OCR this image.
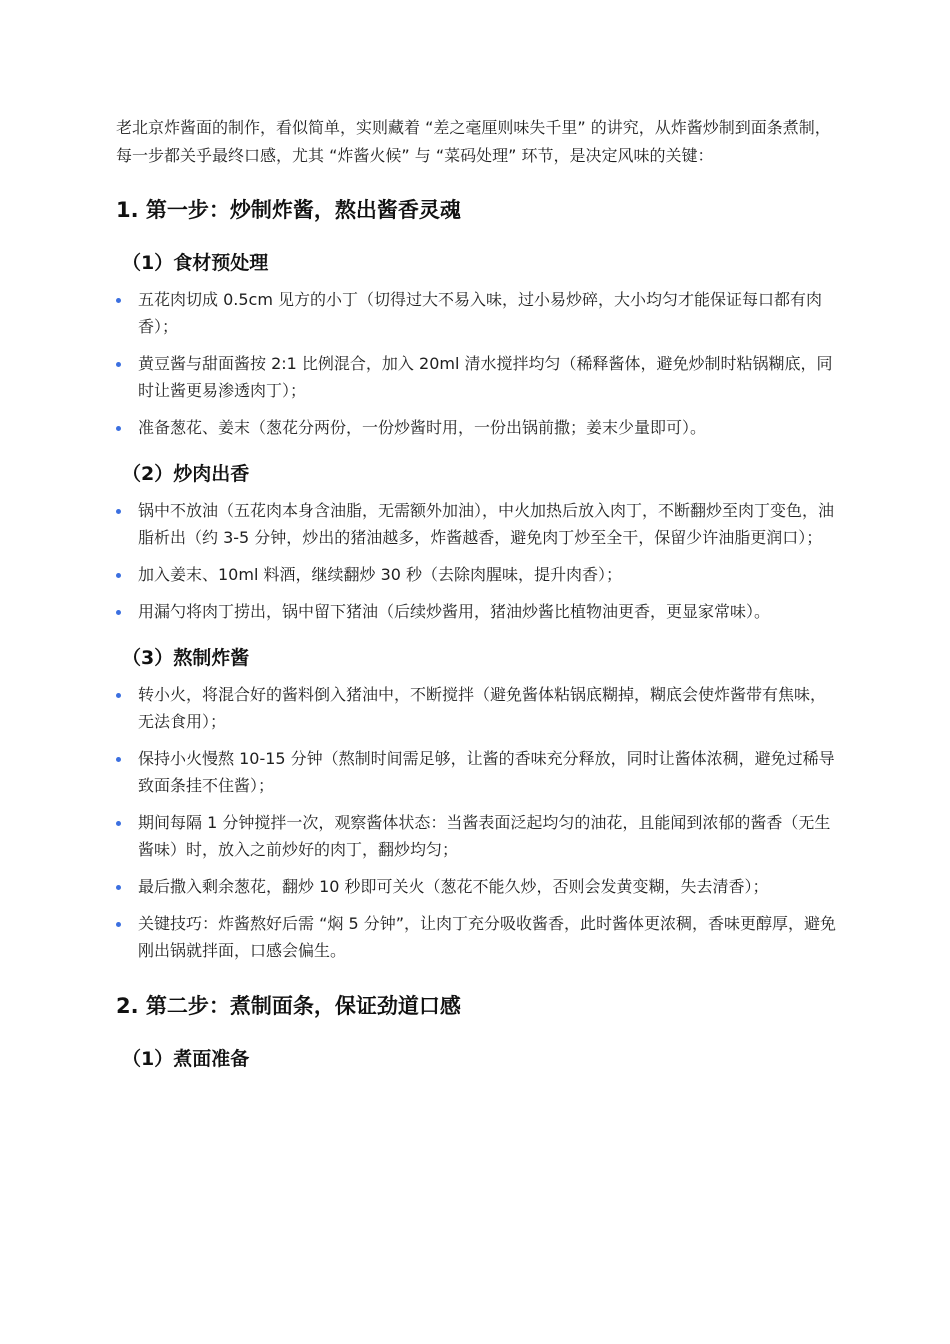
老北京炸酱面的制作，看似简单，实则藏着 “差之毫厘则味失千里” 的讲究，从炸酱炒制到面条煮制，每一步都关乎最终口感，尤其 “炸酱火候” 与 “菜码处理” 环节，是决定风味的关键：

1. 第一步：炒制炸酱，熬出酱香灵魂
（1）食材预处理
五花肉切成 0.5cm 见方的小丁（切得过大不易入味，过小易炒碎，大小均匀才能保证每口都有肉香）；
黄豆酱与甜面酱按 2:1 比例混合，加入 20ml 清水搅拌均匀（稀释酱体，避免炒制时粘锅糊底，同时让酱更易渗透肉丁）；
准备葱花、姜末（葱花分两份，一份炒酱时用，一份出锅前撒；姜末少量即可）。
（2）炒肉出香
锅中不放油（五花肉本身含油脂，无需额外加油），中火加热后放入肉丁，不断翻炒至肉丁变色，油脂析出（约 3-5 分钟，炒出的猪油越多，炸酱越香，避免肉丁炒至全干，保留少许油脂更润口）；
加入姜末、10ml 料酒，继续翻炒 30 秒（去除肉腥味，提升肉香）；
用漏勺将肉丁捞出，锅中留下猪油（后续炒酱用，猪油炒酱比植物油更香，更显家常味）。
（3）熬制炸酱
转小火，将混合好的酱料倒入猪油中，不断搅拌（避免酱体粘锅底糊掉，糊底会使炸酱带有焦味，无法食用）；
保持小火慢熬 10-15 分钟（熬制时间需足够，让酱的香味充分释放，同时让酱体浓稠，避免过稀导致面条挂不住酱）；
期间每隔 1 分钟搅拌一次，观察酱体状态：当酱表面泛起均匀的油花，且能闻到浓郁的酱香（无生酱味）时，放入之前炒好的肉丁，翻炒均匀；
最后撒入剩余葱花，翻炒 10 秒即可关火（葱花不能久炒，否则会发黄变糊，失去清香）；
关键技巧：炸酱熬好后需 “焖 5 分钟”，让肉丁充分吸收酱香，此时酱体更浓稠，香味更醇厚，避免刚出锅就拌面，口感会偏生。
2. 第二步：煮制面条，保证劲道口感
（1）煮面准备
